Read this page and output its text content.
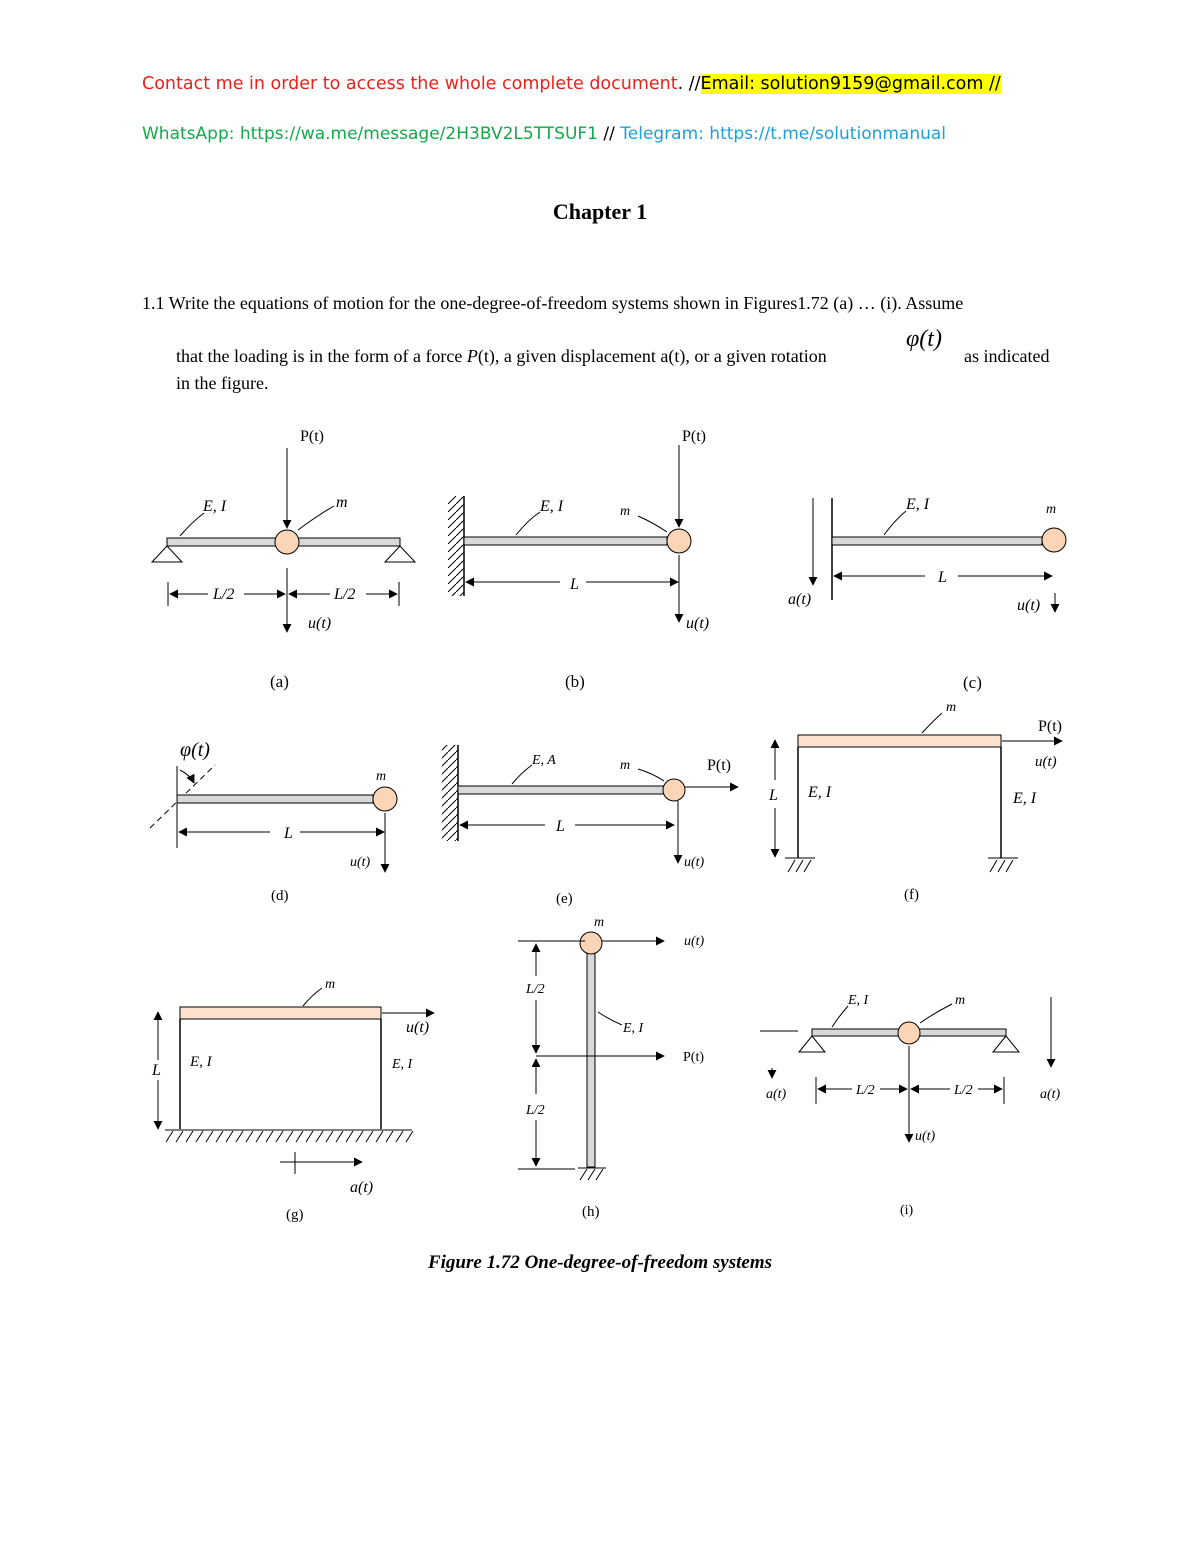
Contact me in order to access the whole complete document. //Email: solution9159@gmail.com //
WhatsApp: https://wa.me/message/2H3BV2L5TTSUF1 // Telegram: https://t.me/solutionmanual
Chapter 1
1.1 Write the equations of motion for the one-degree-of-freedom systems shown in Figures1.72 (a) … (i). Assume
that the loading is in the form of a force P(t), a given displacement a(t), or a given rotation
φ(t)
as indicated
in the figure.
P(t)
E, I	m
L/2	L/2
u(t)
(a)
P(t)
E, I	m
u(t)
L
(b)
a(t)
E, I	m
L
u(t)
(c)
φ(t)
m
L
u(t)
(d)
P(t)
E, A	m
L
u(t)
(e)
P(t)
u(t)
m
E, I	E, I
L
(f)
u(t)
m
E, I	E, I
L
a(t)
(g)
m
u(t)
P(t)
E, I
L/2
L/2
(h)
E, I	m
a(t)	a(t)
L/2	L/2
u(t)
(i)
Figure 1.72 One-degree-of-freedom systems
